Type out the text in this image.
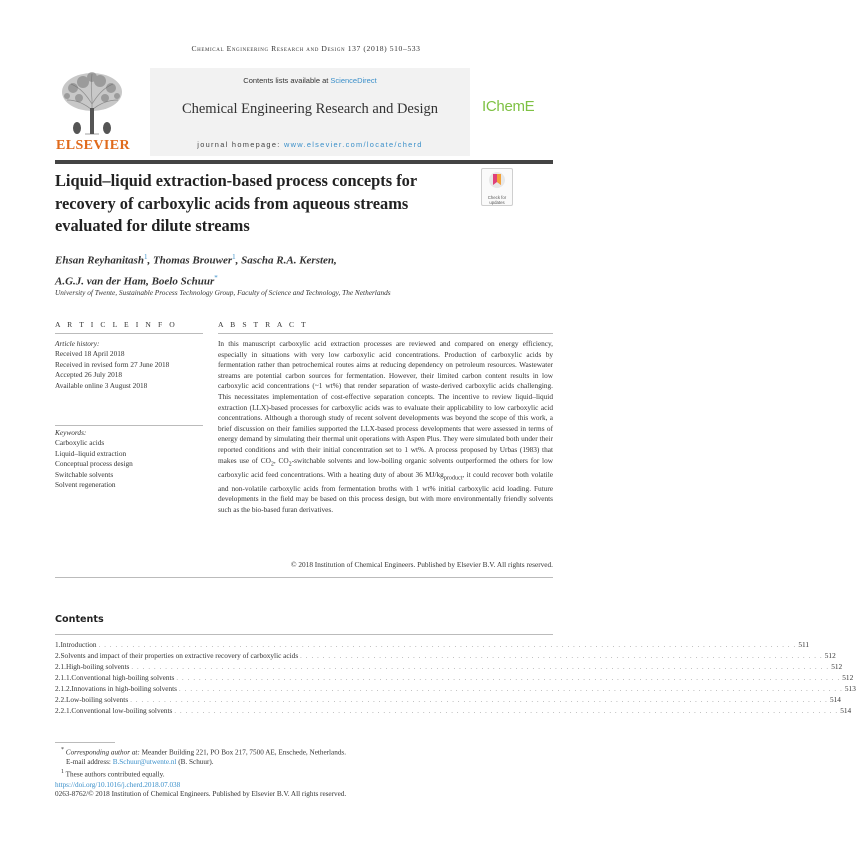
Chemical Engineering Research and Design 137 (2018) 510–533
ELSEVIER
Contents lists available at ScienceDirect
Chemical Engineering Research and Design
journal homepage: www.elsevier.com/locate/cherd
IChemE
Liquid–liquid extraction-based process concepts for recovery of carboxylic acids from aqueous streams evaluated for dilute streams
Check for
updates
Ehsan Reyhanitash$^1$, Thomas Brouwer$^1$, Sascha R.A. Kersten,
A.G.J. van der Ham, Boelo Schuur*
University of Twente, Sustainable Process Technology Group, Faculty of Science and Technology, The Netherlands
A R T I C L E I N F O	A B S T R A C T
Article history:
Received 18 April 2018
Received in revised form 27 June 2018
Accepted 26 July 2018
Available online 3 August 2018
Keywords:
Carboxylic acids
Liquid–liquid extraction
Conceptual process design
Switchable solvents
Solvent regeneration
In this manuscript carboxylic acid extraction processes are reviewed and compared on energy efficiency, especially in situations with very low carboxylic acid concentrations. Production of carboxylic acids by fermentation rather than petrochemical routes aims at reducing dependency on petroleum resources. Wastewater streams are potential carbon sources for fermentation. However, their limited carbon content results in low carboxylic acid concentrations (~1 wt%) that render separation of waste-derived carboxylic acids challenging. This necessitates implementation of cost-effective separation concepts. The incentive to review liquid–liquid extraction (LLX)-based processes for carboxylic acids was to evaluate their applicability to low carboxylic acid concentrations. Although a thorough study of recent solvent developments was beyond the scope of this work, a brief discussion on their families supported the LLX-based process developments that were assessed in terms of energy demand by simulating their thermal unit operations with Aspen Plus. They were simulated both under their reported conditions and with their initial concentration set to 1 wt%. A process proposed by Urbas (1983) that makes use of $CO_2$, $CO_2$-switchable solvents and low-boiling organic solvents outperformed the others for low carboxylic acid feed concentrations. With a heating duty of about 36 $MJ/kg_{product}$, it could recover both volatile and non-volatile carboxylic acids from fermentation broths with 1 wt% initial carboxylic acid loading. Future developments in the field may be based on this process design, but with more environmentally friendly solvents such as the bio-based furan derivatives.
© 2018 Institution of Chemical Engineers. Published by Elsevier B.V. All rights reserved.
Contents
1. Introduction . . . . . . . . . . . . . . . . . . . . . . . . . . . . . . . . . . . . . . . . . . . . . . . . . . . . . . . . . . . . . . . . . . . . . . . . . . . . . . . . . . . . . . . . . . . . . . . . . . . . . . . . . . . . . . . . . . . . . . . . . . . . 511
2. Solvents and impact of their properties on extractive recovery of carboxylic acids . . . . . . . . . . . . . . . . . . . . . . . . . . . . . . . . . . . . . . . . . . . . . . . . . . . . . . . . . . . . . . . . . . . . . . . . . . . . . . . . . . . . . . . . . . . . . 512
2.1. High-boiling solvents . . . . . . . . . . . . . . . . . . . . . . . . . . . . . . . . . . . . . . . . . . . . . . . . . . . . . . . . . . . . . . . . . . . . . . . . . . . . . . . . . . . . . . . . . . . . . . . . . . . . . . . . . . . . . . . . . . . . . . . . . . . . 512
2.1.1. Conventional high-boiling solvents . . . . . . . . . . . . . . . . . . . . . . . . . . . . . . . . . . . . . . . . . . . . . . . . . . . . . . . . . . . . . . . . . . . . . . . . . . . . . . . . . . . . . . . . . . . . . . . . . . . . . . . . . . . . . . . . . . . . . . 512
2.1.2. Innovations in high-boiling solvents . . . . . . . . . . . . . . . . . . . . . . . . . . . . . . . . . . . . . . . . . . . . . . . . . . . . . . . . . . . . . . . . . . . . . . . . . . . . . . . . . . . . . . . . . . . . . . . . . . . . . . . . . . . . . . . . . . . . . . 513
2.2. Low-boiling solvents . . . . . . . . . . . . . . . . . . . . . . . . . . . . . . . . . . . . . . . . . . . . . . . . . . . . . . . . . . . . . . . . . . . . . . . . . . . . . . . . . . . . . . . . . . . . . . . . . . . . . . . . . . . . . . . . . . . . . . . . . . . . 514
2.2.1. Conventional low-boiling solvents . . . . . . . . . . . . . . . . . . . . . . . . . . . . . . . . . . . . . . . . . . . . . . . . . . . . . . . . . . . . . . . . . . . . . . . . . . . . . . . . . . . . . . . . . . . . . . . . . . . . . . . . . . . . . . . . . . . . . . 514
* Corresponding author at: Meander Building 221, PO Box 217, 7500 AE, Enschede, Netherlands.
E-mail address: B.Schuur@utwente.nl (B. Schuur).
$^1$ These authors contributed equally.
https://doi.org/10.1016/j.cherd.2018.07.038
0263-8762/© 2018 Institution of Chemical Engineers. Published by Elsevier B.V. All rights reserved.
